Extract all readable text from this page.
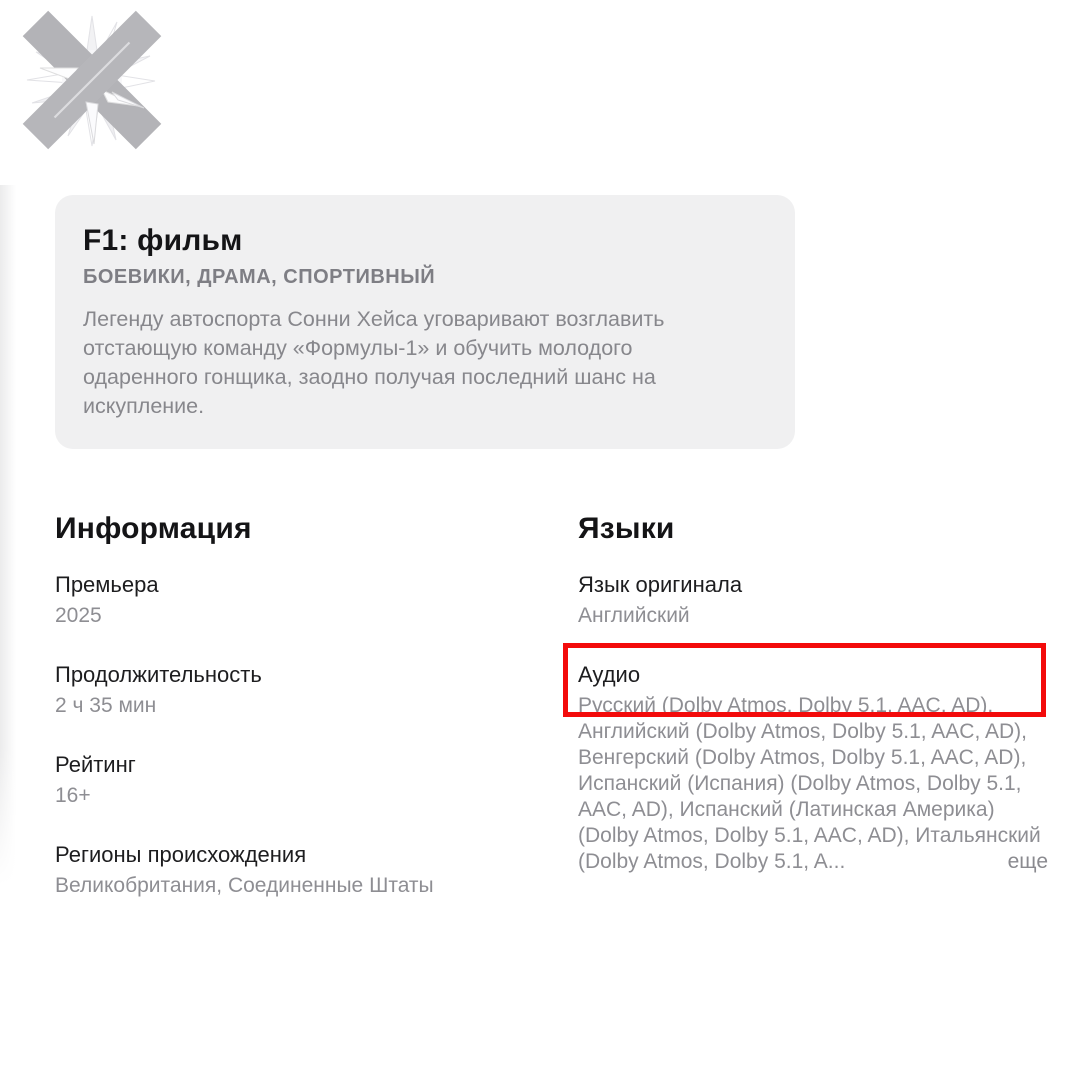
F1: фильм
БОЕВИКИ, ДРАМА, СПОРТИВНЫЙ

Легенду автоспорта Сонни Хейса уговаривают возглавить отстающую команду «Формулы-1» и обучить молодого одаренного гонщика, заодно получая последний шанс на искупление.

Информация
Премьера
2025
Продолжительность
2 ч 35 мин
Рейтинг
16+
Регионы происхождения
Великобритания, Соединенные Штаты
Языки
Язык оригинала
Английский
Аудио
Русский (Dolby Atmos, Dolby 5.1, AAC, AD),
Английский (Dolby Atmos, Dolby 5.1, AAC, AD), Венгерский (Dolby Atmos, Dolby 5.1, AAC, AD), Испанский (Испания) (Dolby Atmos, Dolby 5.1, AAC, AD), Испанский (Латинская Америка) (Dolby Atmos, Dolby 5.1, AAC, AD), Итальянский (Dolby Atmos, Dolby 5.1, A...	еще
